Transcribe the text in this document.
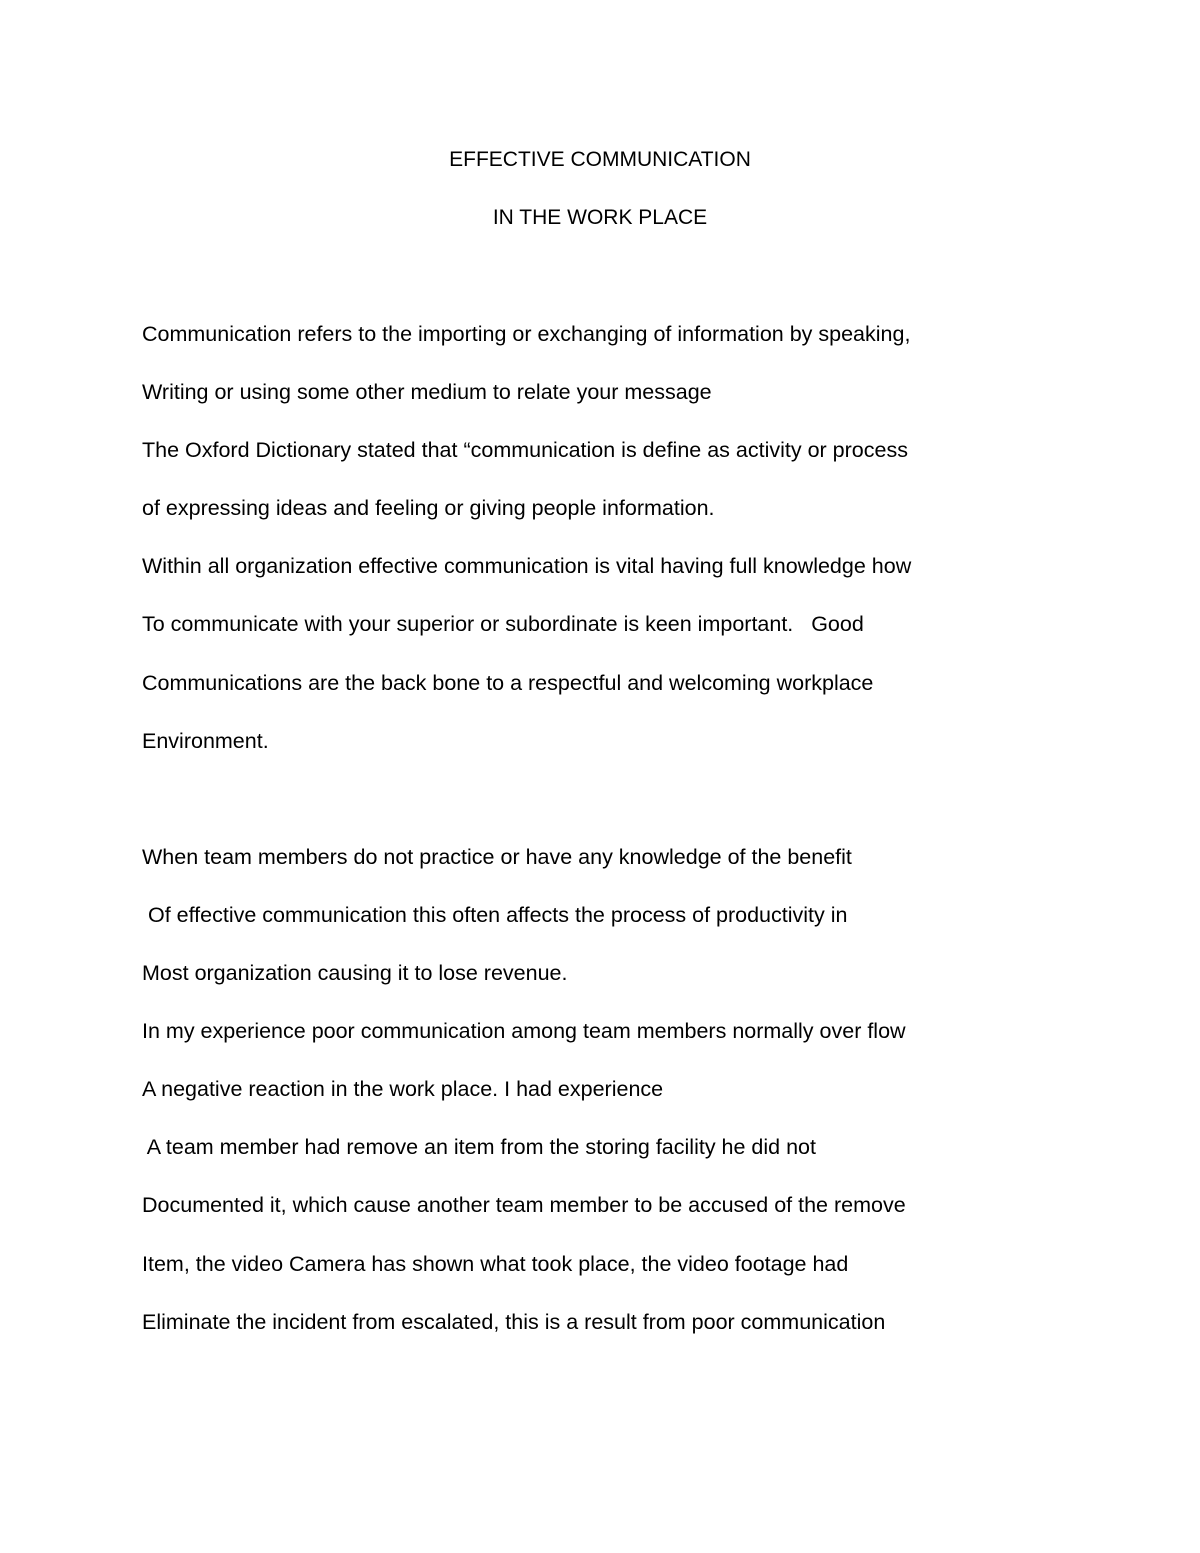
EFFECTIVE COMMUNICATION
IN THE WORK PLACE
Communication refers to the importing or exchanging of information by speaking,
Writing or using some other medium to relate your message
The Oxford Dictionary stated that “communication is define as activity or process
of expressing ideas and feeling or giving people information.
Within all organization effective communication is vital having full knowledge how
To communicate with your superior or subordinate is keen important.   Good
Communications are the back bone to a respectful and welcoming workplace
Environment.
When team members do not practice or have any knowledge of the benefit
Of effective communication this often affects the process of productivity in
Most organization causing it to lose revenue.
In my experience poor communication among team members normally over flow
A negative reaction in the work place. I had experience
A team member had remove an item from the storing facility he did not
Documented it, which cause another team member to be accused of the remove
Item, the video Camera has shown what took place, the video footage had
Eliminate the incident from escalated, this is a result from poor communication
